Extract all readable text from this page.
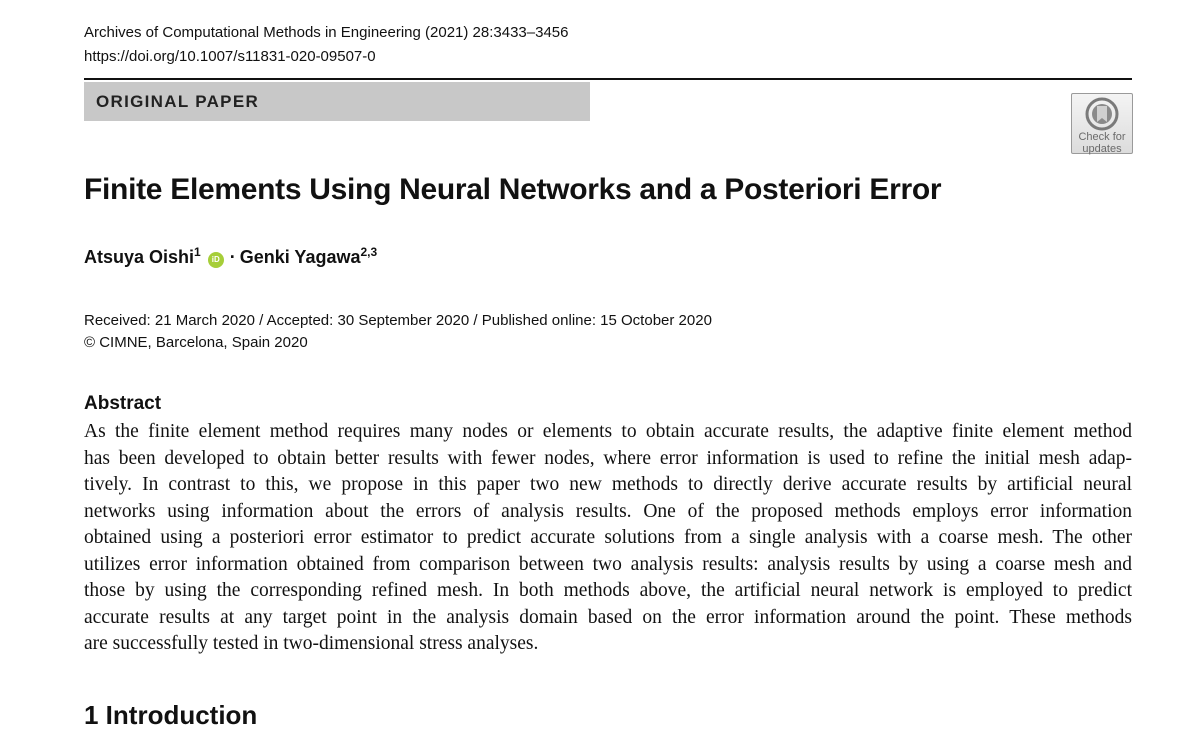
Archives of Computational Methods in Engineering (2021) 28:3433–3456
https://doi.org/10.1007/s11831-020-09507-0
ORIGINAL PAPER
Check for
updates
Finite Elements Using Neural Networks and a Posteriori Error
Atsuya Oishi$^1$ iD · Genki Yagawa$^{2,3}$
Received: 21 March 2020 / Accepted: 30 September 2020 / Published online: 15 October 2020
© CIMNE, Barcelona, Spain 2020
Abstract

As the finite element method requires many nodes or elements to obtain accurate results, the adaptive finite element method
has been developed to obtain better results with fewer nodes, where error information is used to refine the initial mesh adap-
tively. In contrast to this, we propose in this paper two new methods to directly derive accurate results by artificial neural
networks using information about the errors of analysis results. One of the proposed methods employs error information
obtained using a posteriori error estimator to predict accurate solutions from a single analysis with a coarse mesh. The other
utilizes error information obtained from comparison between two analysis results: analysis results by using a coarse mesh and
those by using the corresponding refined mesh. In both methods above, the artificial neural network is employed to predict
accurate results at any target point in the analysis domain based on the error information around the point. These methods
are successfully tested in two-dimensional stress analyses.

1 Introduction
